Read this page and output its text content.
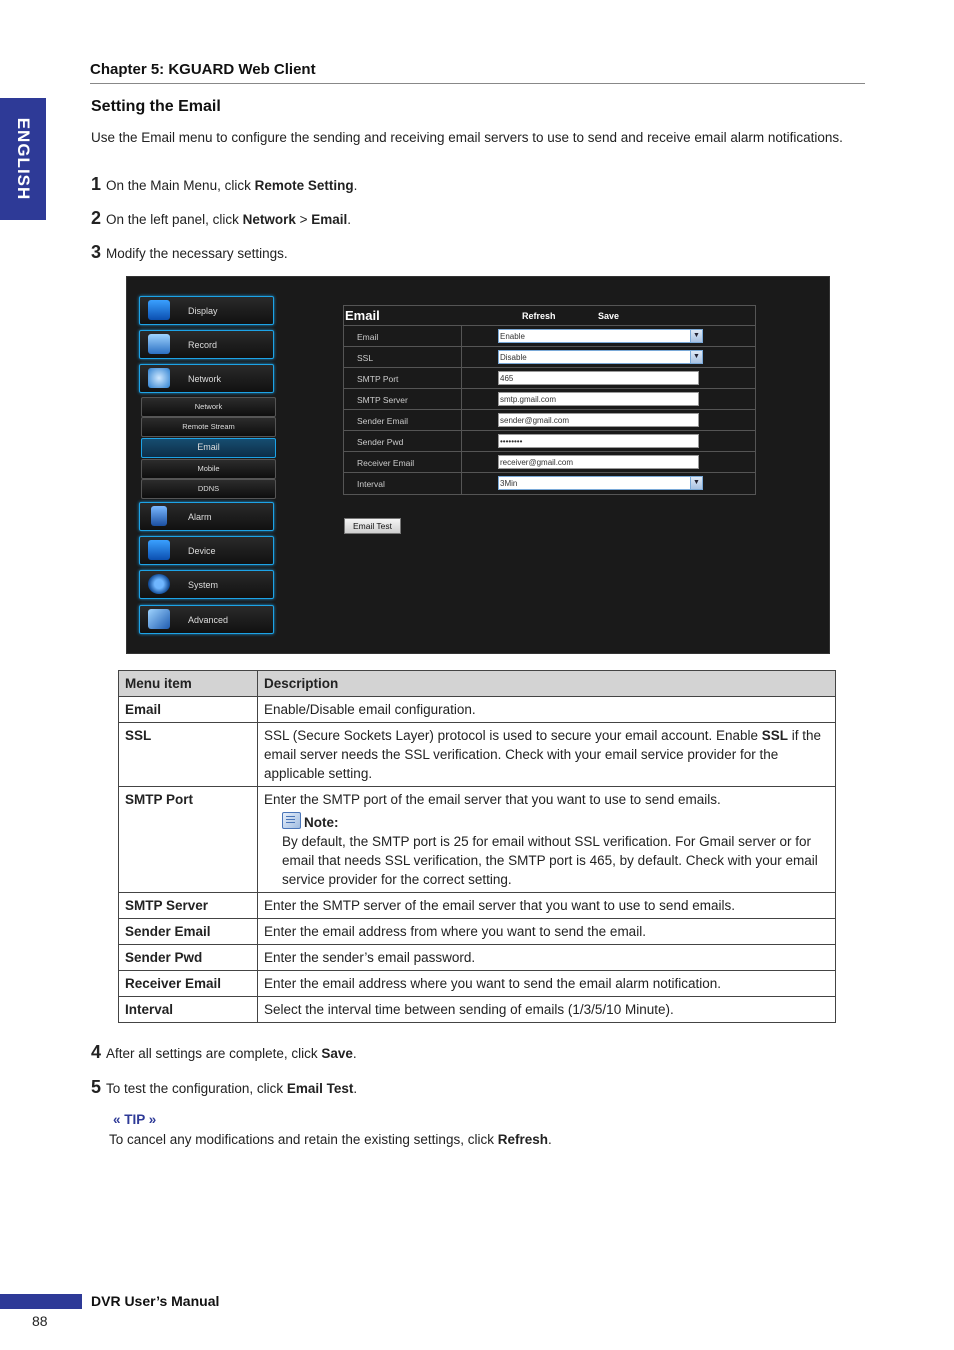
ENGLISH
Chapter 5: KGUARD Web Client
Setting the Email
Use the Email menu to configure the sending and receiving email servers to use to send and receive email alarm notifications.
1 On the Main Menu, click Remote Setting.
2 On the left panel, click Network > Email.
3 Modify the necessary settings.
Display
Record
Network
Network
Remote Stream
Email
Mobile
DDNS
Alarm
Device
System
Advanced
Email	Refresh	Save
Email	Enable	▼
SSL	Disable	▼
SMTP Port	465
SMTP Server	smtp.gmail.com
Sender Email	sender@gmail.com
Sender Pwd	••••••••
Receiver Email	receiver@gmail.com
Interval	3Min	▼
Email Test
Menu item	Description
Email	Enable/Disable email configuration.
SSL	SSL (Secure Sockets Layer) protocol is used to secure your email account. Enable SSL if the email server needs the SSL verification. Check with your email service provider for the applicable setting.
SMTP Port	Enter the SMTP port of the email server that you want to use to send emails.
Note:
By default, the SMTP port is 25 for email without SSL verification. For Gmail server or for email that needs SSL verification, the SMTP port is 465, by default. Check with your email service provider for the correct setting.

SMTP Server	Enter the SMTP server of the email server that you want to use to send emails.
Sender Email	Enter the email address from where you want to send the email.
Sender Pwd	Enter the sender’s email password.
Receiver Email	Enter the email address where you want to send the email alarm notification.
Interval	Select the interval time between sending of emails (1/3/5/10 Minute).
4 After all settings are complete, click Save.
5 To test the configuration, click Email Test.
« TIP »
To cancel any modifications and retain the existing settings, click Refresh.
DVR User’s Manual
88
